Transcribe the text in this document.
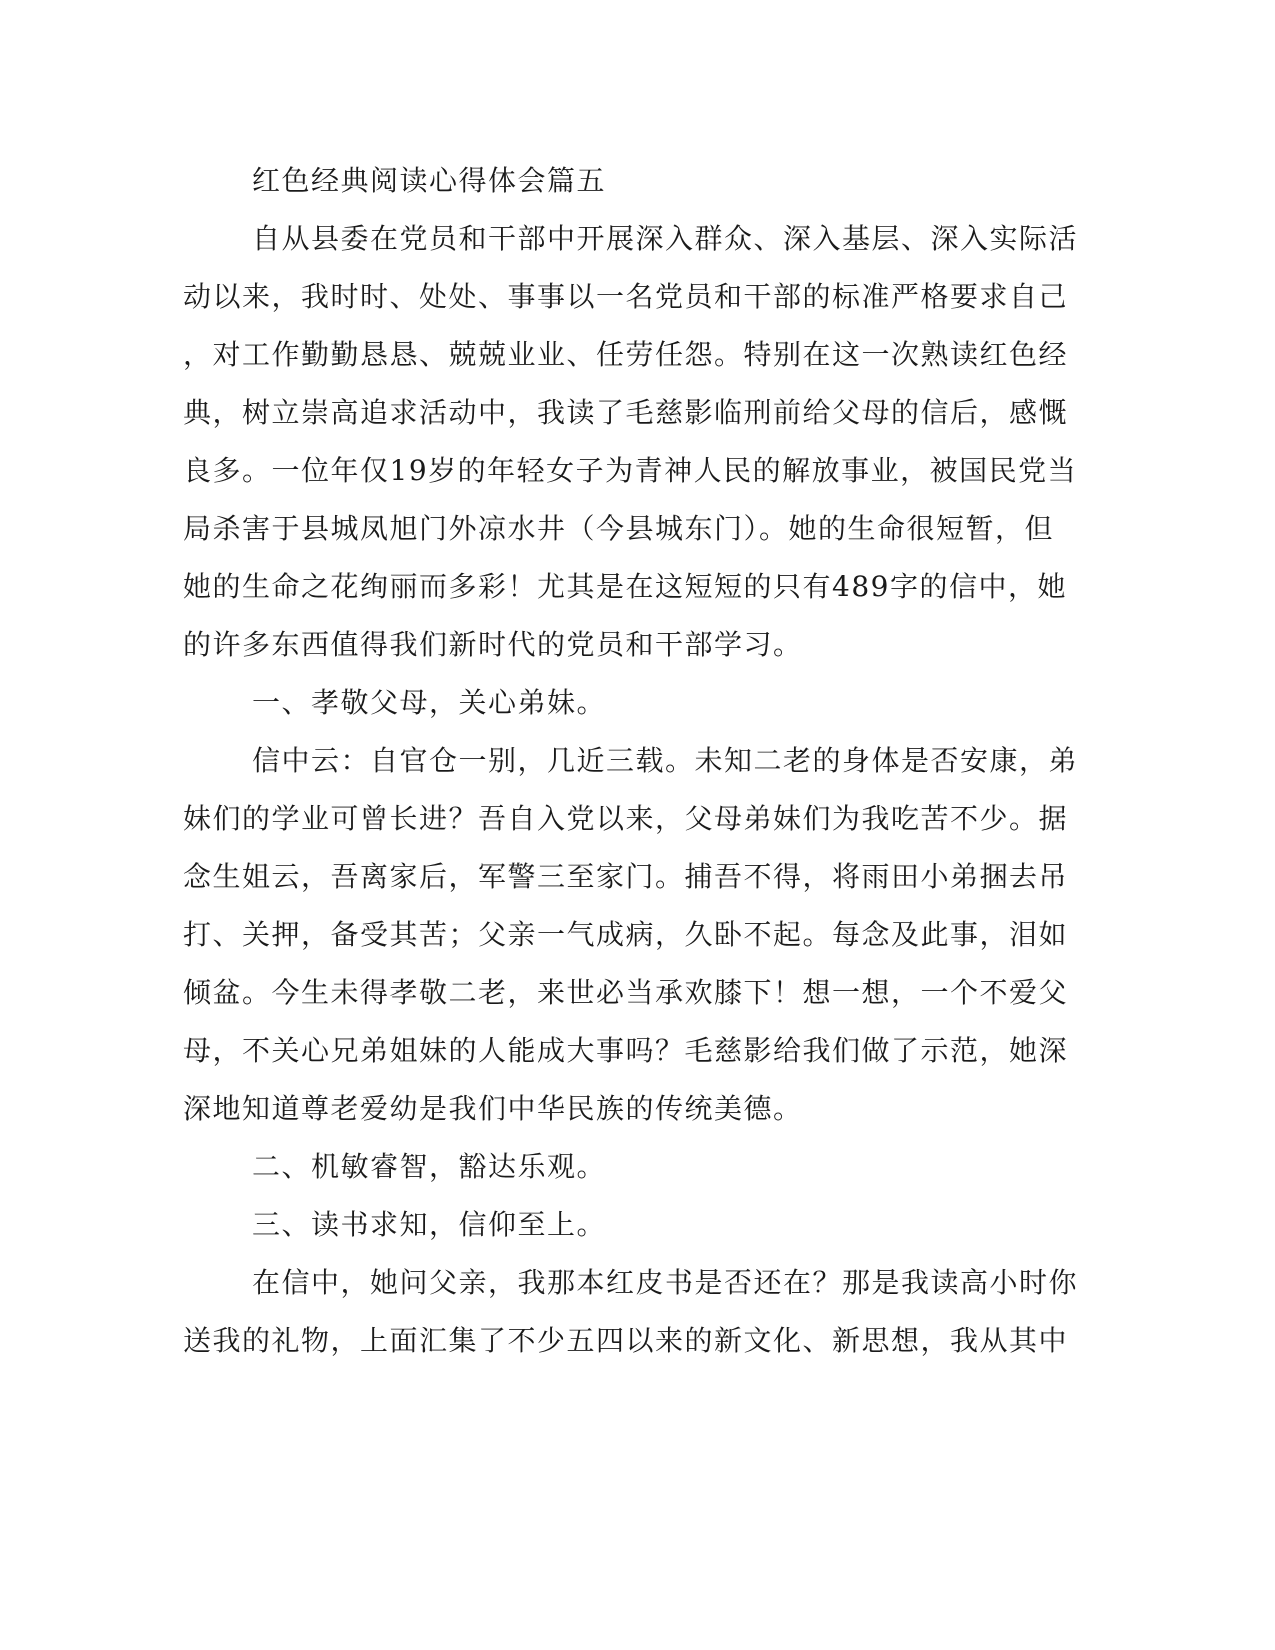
红色经典阅读心得体会篇五
自从县委在党员和干部中开展深入群众、深入基层、深入实际活
动以来，我时时、处处、事事以一名党员和干部的标准严格要求自己
，对工作勤勤恳恳、兢兢业业、任劳任怨。特别在这一次熟读红色经
典，树立崇高追求活动中，我读了毛慈影临刑前给父母的信后，感慨
良多。一位年仅19岁的年轻女子为青神人民的解放事业，被国民党当
局杀害于县城凤旭门外凉水井（今县城东门）。她的生命很短暂，但
她的生命之花绚丽而多彩！尤其是在这短短的只有489字的信中，她
的许多东西值得我们新时代的党员和干部学习。
一、孝敬父母，关心弟妹。
信中云：自官仓一别，几近三载。未知二老的身体是否安康，弟
妹们的学业可曾长进？吾自入党以来，父母弟妹们为我吃苦不少。据
念生姐云，吾离家后，军警三至家门。捕吾不得，将雨田小弟捆去吊
打、关押，备受其苦；父亲一气成病，久卧不起。每念及此事，泪如
倾盆。今生未得孝敬二老，来世必当承欢膝下！想一想，一个不爱父
母，不关心兄弟姐妹的人能成大事吗？毛慈影给我们做了示范，她深
深地知道尊老爱幼是我们中华民族的传统美德。
二、机敏睿智，豁达乐观。
三、读书求知，信仰至上。
在信中，她问父亲，我那本红皮书是否还在？那是我读高小时你
送我的礼物，上面汇集了不少五四以来的新文化、新思想，我从其中
